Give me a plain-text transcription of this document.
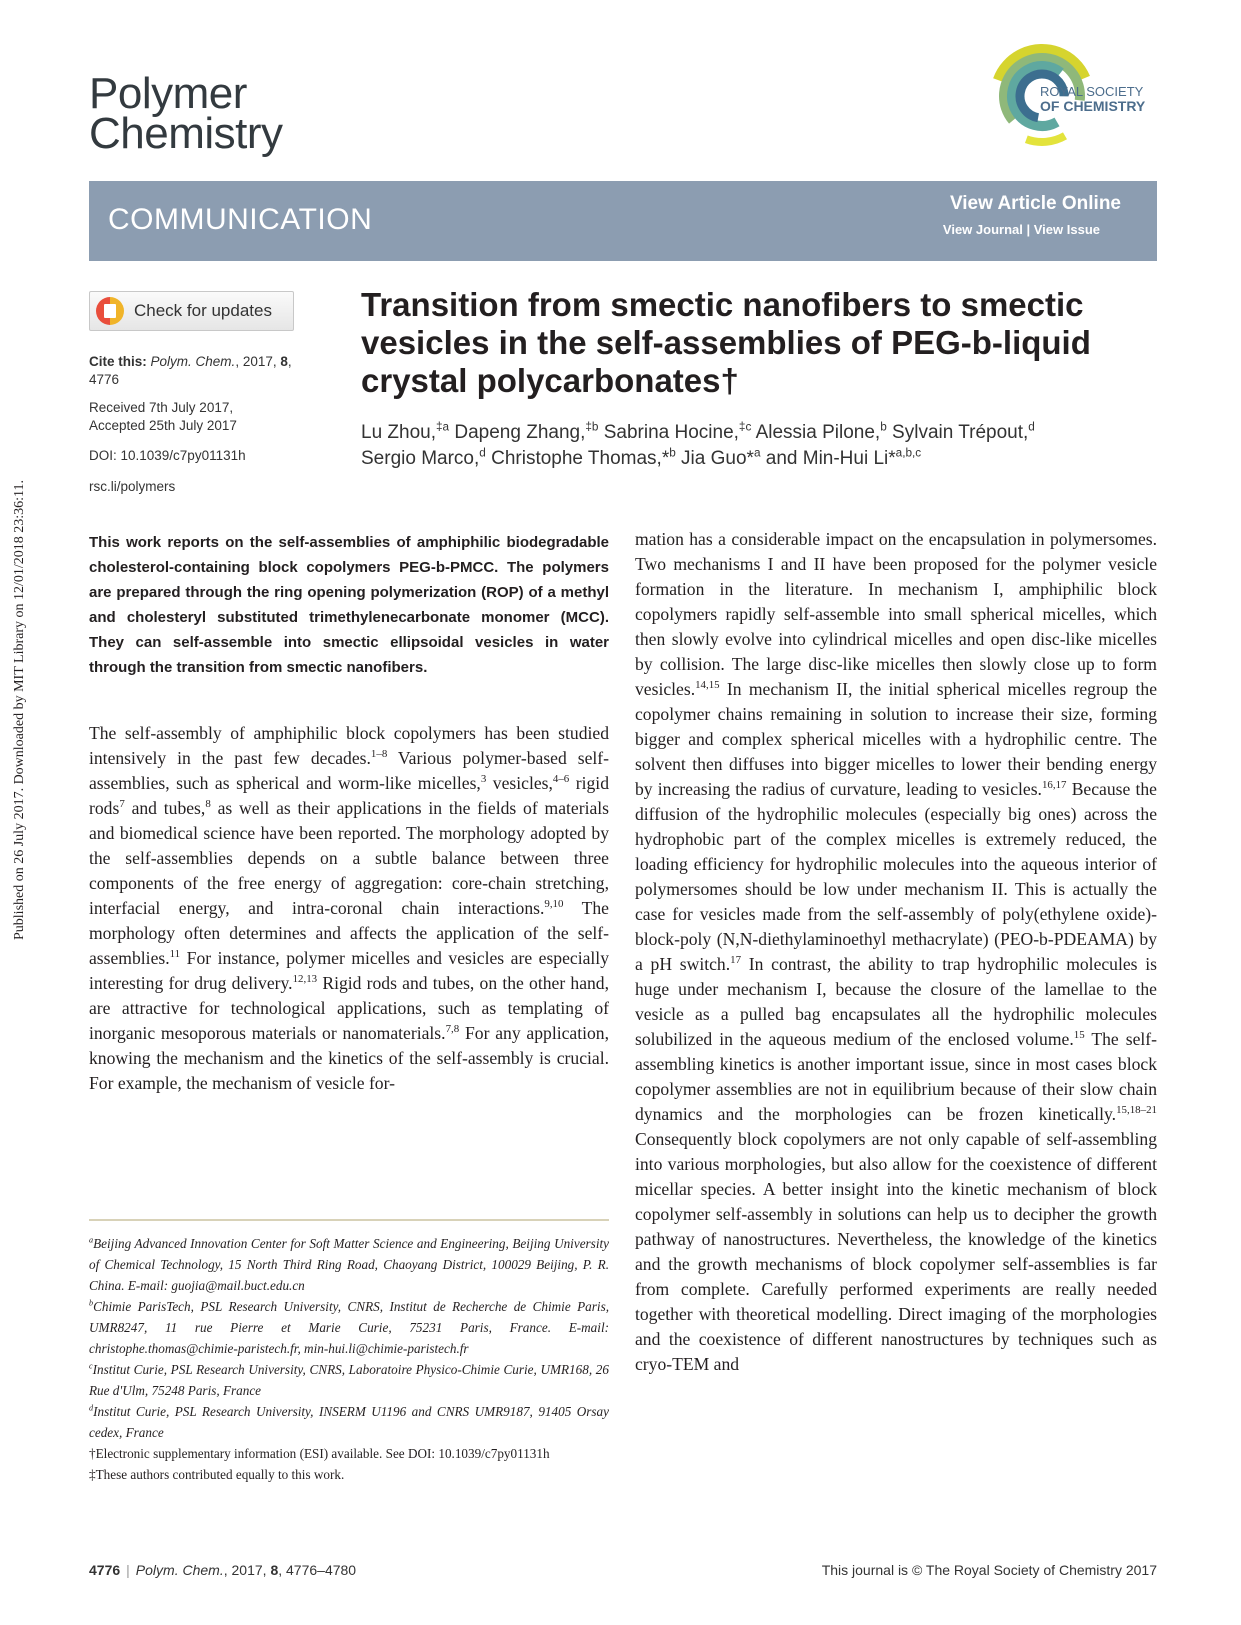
Published on 26 July 2017. Downloaded by MIT Library on 12/01/2018 23:36:11.
Polymer
Chemistry
ROYAL SOCIETY
OF CHEMISTRY
COMMUNICATION	View Article Online
View Journal | View Issue
Check for updates
Cite this: Polym. Chem., 2017, 8, 4776
Received 7th July 2017,
Accepted 25th July 2017
DOI: 10.1039/c7py01131h
rsc.li/polymers
Transition from smectic nanofibers to smectic vesicles in the self-assemblies of PEG-b-liquid crystal polycarbonates†
Lu Zhou,$^{\ddagger a}$ Dapeng Zhang,$^{\ddagger b}$ Sabrina Hocine,$^{\ddagger c}$ Alessia Pilone,$^b$ Sylvain Trépout,$^d$
Sergio Marco,$^d$ Christophe Thomas,*$^b$ Jia Guo*$^a$ and Min-Hui Li*$^{a,b,c}$
This work reports on the self-assemblies of amphiphilic biodegradable cholesterol-containing block copolymers PEG-b-PMCC. The polymers are prepared through the ring opening polymerization (ROP) of a methyl and cholesteryl substituted trimethylenecarbonate monomer (MCC). They can self-assemble into smectic ellipsoidal vesicles in water through the transition from smectic nanofibers.
The self-assembly of amphiphilic block copolymers has been studied intensively in the past few decades.$^{1-8}$ Various polymer-based self-assemblies, such as spherical and worm-like micelles,$^3$ vesicles,$^{4-6}$ rigid rods$^7$ and tubes,$^8$ as well as their applications in the fields of materials and biomedical science have been reported. The morphology adopted by the self-assemblies depends on a subtle balance between three components of the free energy of aggregation: core-chain stretching, interfacial energy, and intra-coronal chain interactions.$^{9,10}$ The morphology often determines and affects the application of the self-assemblies.$^{11}$ For instance, polymer micelles and vesicles are especially interesting for drug delivery.$^{12,13}$ Rigid rods and tubes, on the other hand, are attractive for technological applications, such as templating of inorganic mesoporous materials or nanomaterials.$^{7,8}$ For any application, knowing the mechanism and the kinetics of the self-assembly is crucial. For example, the mechanism of vesicle for-
mation has a considerable impact on the encapsulation in polymersomes. Two mechanisms I and II have been proposed for the polymer vesicle formation in the literature. In mechanism I, amphiphilic block copolymers rapidly self-assemble into small spherical micelles, which then slowly evolve into cylindrical micelles and open disc-like micelles by collision. The large disc-like micelles then slowly close up to form vesicles.$^{14,15}$ In mechanism II, the initial spherical micelles regroup the copolymer chains remaining in solution to increase their size, forming bigger and complex spherical micelles with a hydrophilic centre. The solvent then diffuses into bigger micelles to lower their bending energy by increasing the radius of curvature, leading to vesicles.$^{16,17}$ Because the diffusion of the hydrophilic molecules (especially big ones) across the hydrophobic part of the complex micelles is extremely reduced, the loading efficiency for hydrophilic molecules into the aqueous interior of polymersomes should be low under mechanism II. This is actually the case for vesicles made from the self-assembly of poly(ethylene oxide)-block-poly (N,N-diethylaminoethyl methacrylate) (PEO-b-PDEAMA) by a pH switch.$^{17}$ In contrast, the ability to trap hydrophilic molecules is huge under mechanism I, because the closure of the lamellae to the vesicle as a pulled bag encapsulates all the hydrophilic molecules solubilized in the aqueous medium of the enclosed volume.$^{15}$ The self-assembling kinetics is another important issue, since in most cases block copolymer assemblies are not in equilibrium because of their slow chain dynamics and the morphologies can be frozen kinetically.$^{15,18-21}$ Consequently block copolymers are not only capable of self-assembling into various morphologies, but also allow for the coexistence of different micellar species. A better insight into the kinetic mechanism of block copolymer self-assembly in solutions can help us to decipher the growth pathway of nanostructures. Nevertheless, the knowledge of the kinetics and the growth mechanisms of block copolymer self-assemblies is far from complete. Carefully performed experiments are really needed together with theoretical modelling. Direct imaging of the morphologies and the coexistence of different nanostructures by techniques such as cryo-TEM and
$^a$Beijing Advanced Innovation Center for Soft Matter Science and Engineering, Beijing University of Chemical Technology, 15 North Third Ring Road, Chaoyang District, 100029 Beijing, P. R. China. E-mail: guojia@mail.buct.edu.cn
$^b$Chimie ParisTech, PSL Research University, CNRS, Institut de Recherche de Chimie Paris, UMR8247, 11 rue Pierre et Marie Curie, 75231 Paris, France. E-mail: christophe.thomas@chimie-paristech.fr, min-hui.li@chimie-paristech.fr
$^c$Institut Curie, PSL Research University, CNRS, Laboratoire Physico-Chimie Curie, UMR168, 26 Rue d'Ulm, 75248 Paris, France
$^d$Institut Curie, PSL Research University, INSERM U1196 and CNRS UMR9187, 91405 Orsay cedex, France
†Electronic supplementary information (ESI) available. See DOI: 10.1039/c7py01131h
‡These authors contributed equally to this work.
4776 | Polym. Chem., 2017, 8, 4776–4780	This journal is © The Royal Society of Chemistry 2017
